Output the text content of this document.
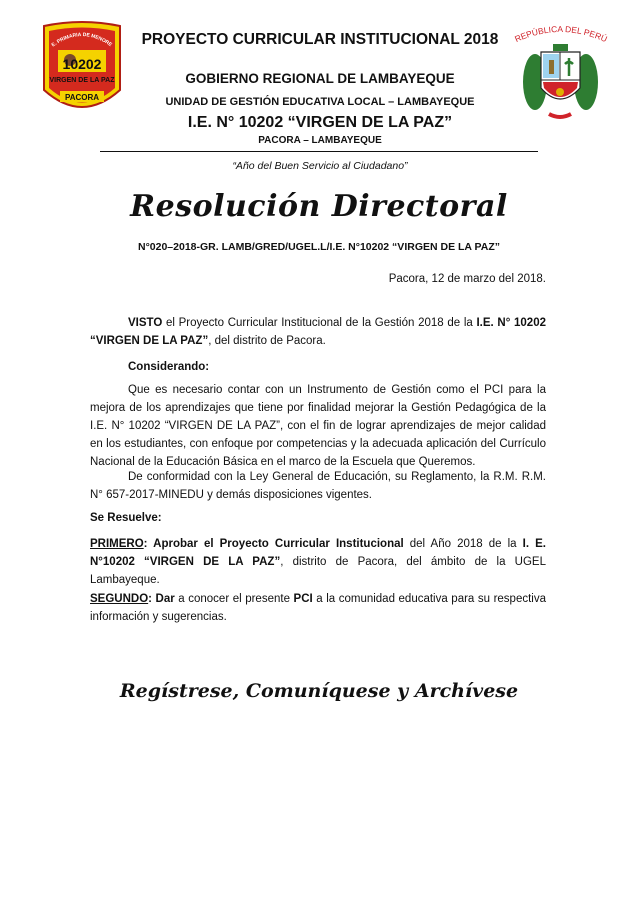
E. PRIMARIA DE MENORE
10202
VIRGEN DE LA PAZ
PACORA
REPÚBLICA DEL PERÚ
PROYECTO CURRICULAR INSTITUCIONAL 2018
GOBIERNO REGIONAL DE LAMBAYEQUE
UNIDAD DE GESTIÓN EDUCATIVA LOCAL – LAMBAYEQUE
I.E. N° 10202 “VIRGEN DE LA PAZ”
PACORA – LAMBAYEQUE
“Año del Buen Servicio al Ciudadano”
Resolución Directoral
N°020–2018-GR. LAMB/GRED/UGEL.L/I.E. N°10202 “VIRGEN DE LA PAZ”
Pacora, 12 de marzo del 2018.
VISTO el Proyecto Curricular Institucional de la Gestión 2018 de la I.E. N° 10202 “VIRGEN DE LA PAZ”, del distrito de Pacora.
Considerando:
Que es necesario contar con un Instrumento de Gestión como el PCI para la mejora de los aprendizajes que tiene por finalidad mejorar la Gestión Pedagógica de la I.E. N° 10202 “VIRGEN DE LA PAZ”, con el fin de lograr aprendizajes de mejor calidad en los estudiantes, con enfoque por competencias y la adecuada aplicación del Currículo Nacional de la Educación Básica en el marco de la Escuela que Queremos.
De conformidad con la Ley General de Educación, su Reglamento, la R.M. R.M. N° 657-2017-MINEDU y demás disposiciones vigentes.
Se Resuelve:
PRIMERO: Aprobar el Proyecto Curricular Institucional del Año 2018 de la I. E. N°10202 “VIRGEN DE LA PAZ”, distrito de Pacora, del ámbito de la UGEL Lambayeque.
SEGUNDO: Dar a conocer el presente PCI a la comunidad educativa para su respectiva información y sugerencias.
Regístrese, Comuníquese y Archívese
